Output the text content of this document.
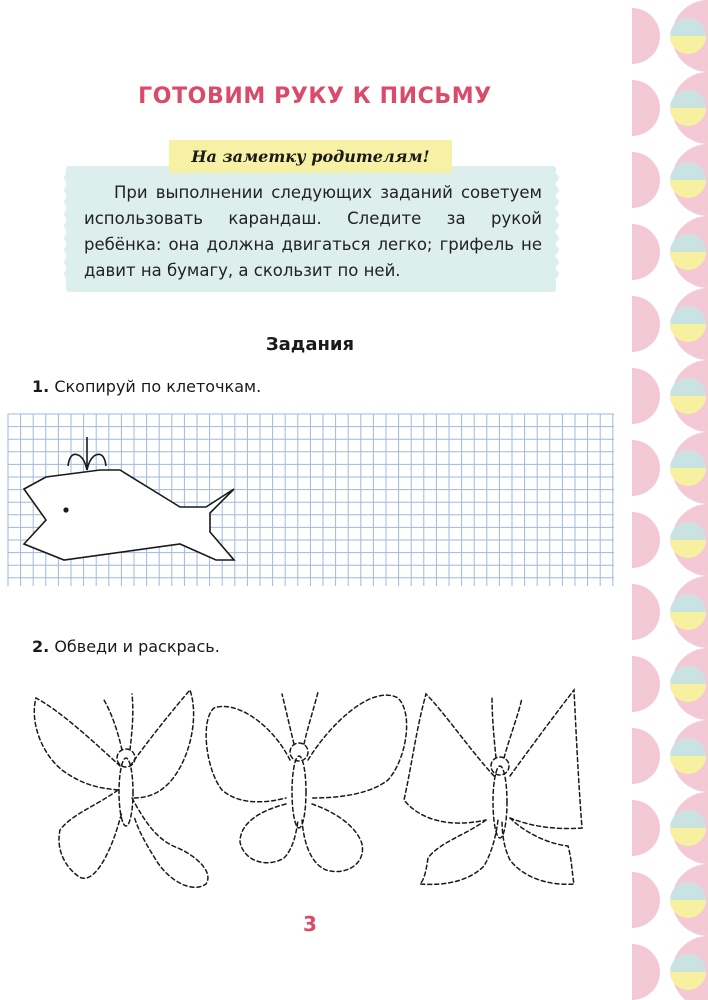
ГОТОВИМ РУКУ К ПИСЬМУ
На заметку родителям!
При выполнении следующих заданий советуем использовать карандаш. Следите за рукой ребёнка: она должна двигаться легко; грифель не давит на бумагу, а скользит по ней.
Задания
1. Скопируй по клеточкам.
2. Обведи и раскрась.
3
